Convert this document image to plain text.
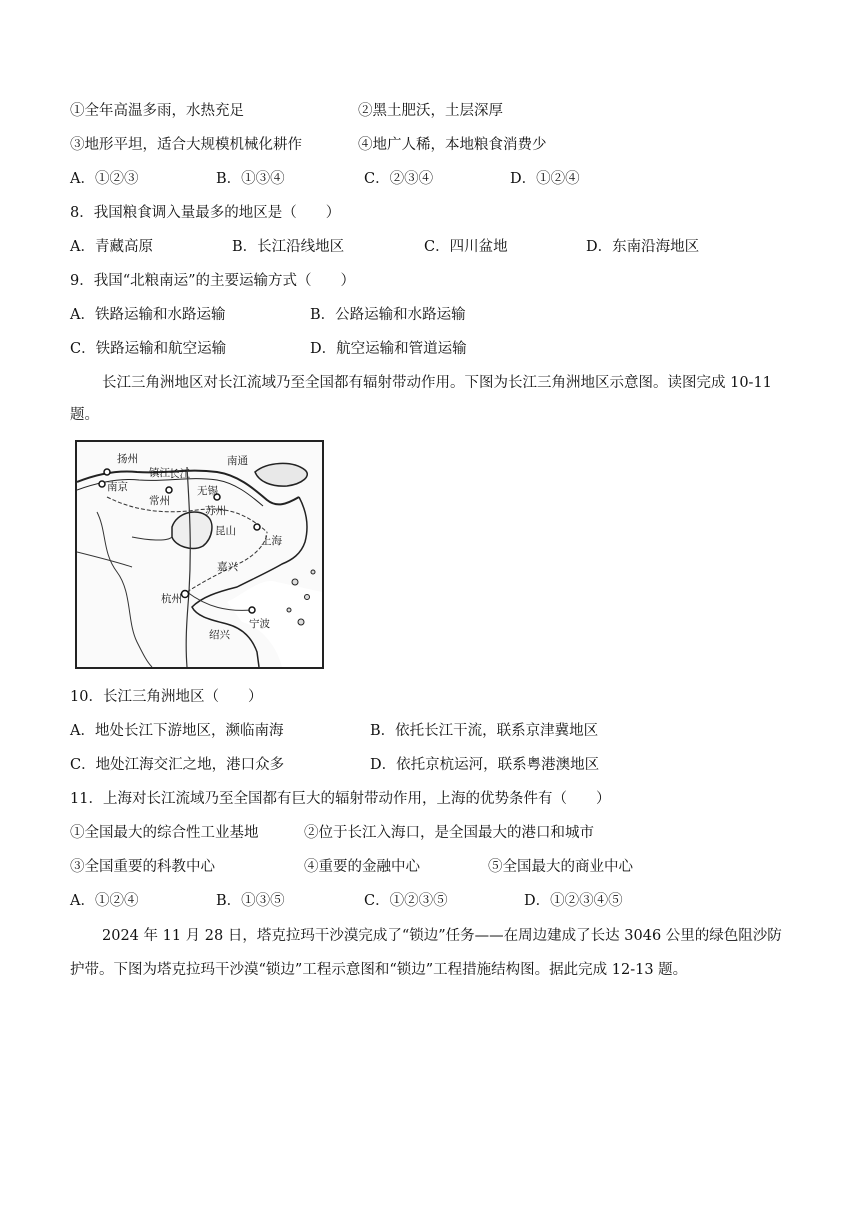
①全年高温多雨，水热充足	②黑土肥沃，土层深厚
③地形平坦，适合大规模机械化耕作	④地广人稀，本地粮食消费少
A．①②③	B．①③④	C．②③④	D．①②④
8．我国粮食调入量最多的地区是（　　）
A．青藏高原	B．长江沿线地区	C．四川盆地	D．东南沿海地区
9．我国“北粮南运”的主要运输方式（　　）
A．铁路运输和水路运输	B．公路运输和水路运输
C．铁路运输和航空运输	D．航空运输和管道运输
长江三角洲地区对长江流域乃至全国都有辐射带动作用。下图为长江三角洲地区示意图。读图完成 10-11
题。
扬州
长江
镇江
南通
南京
常州
无锡
苏州
昆山
上海
嘉兴
杭州
绍兴
宁波
10．长江三角洲地区（　　）
A．地处长江下游地区，濒临南海	B．依托长江干流，联系京津冀地区
C．地处江海交汇之地，港口众多	D．依托京杭运河，联系粤港澳地区
11．上海对长江流域乃至全国都有巨大的辐射带动作用，上海的优势条件有（　　）
①全国最大的综合性工业基地	②位于长江入海口，是全国最大的港口和城市
③全国重要的科教中心	④重要的金融中心	⑤全国最大的商业中心
A．①②④	B．①③⑤	C．①②③⑤	D．①②③④⑤
2024 年 11 月 28 日，塔克拉玛干沙漠完成了“锁边”任务——在周边建成了长达 3046 公里的绿色阻沙防
护带。下图为塔克拉玛干沙漠“锁边”工程示意图和“锁边”工程措施结构图。据此完成 12-13 题。
